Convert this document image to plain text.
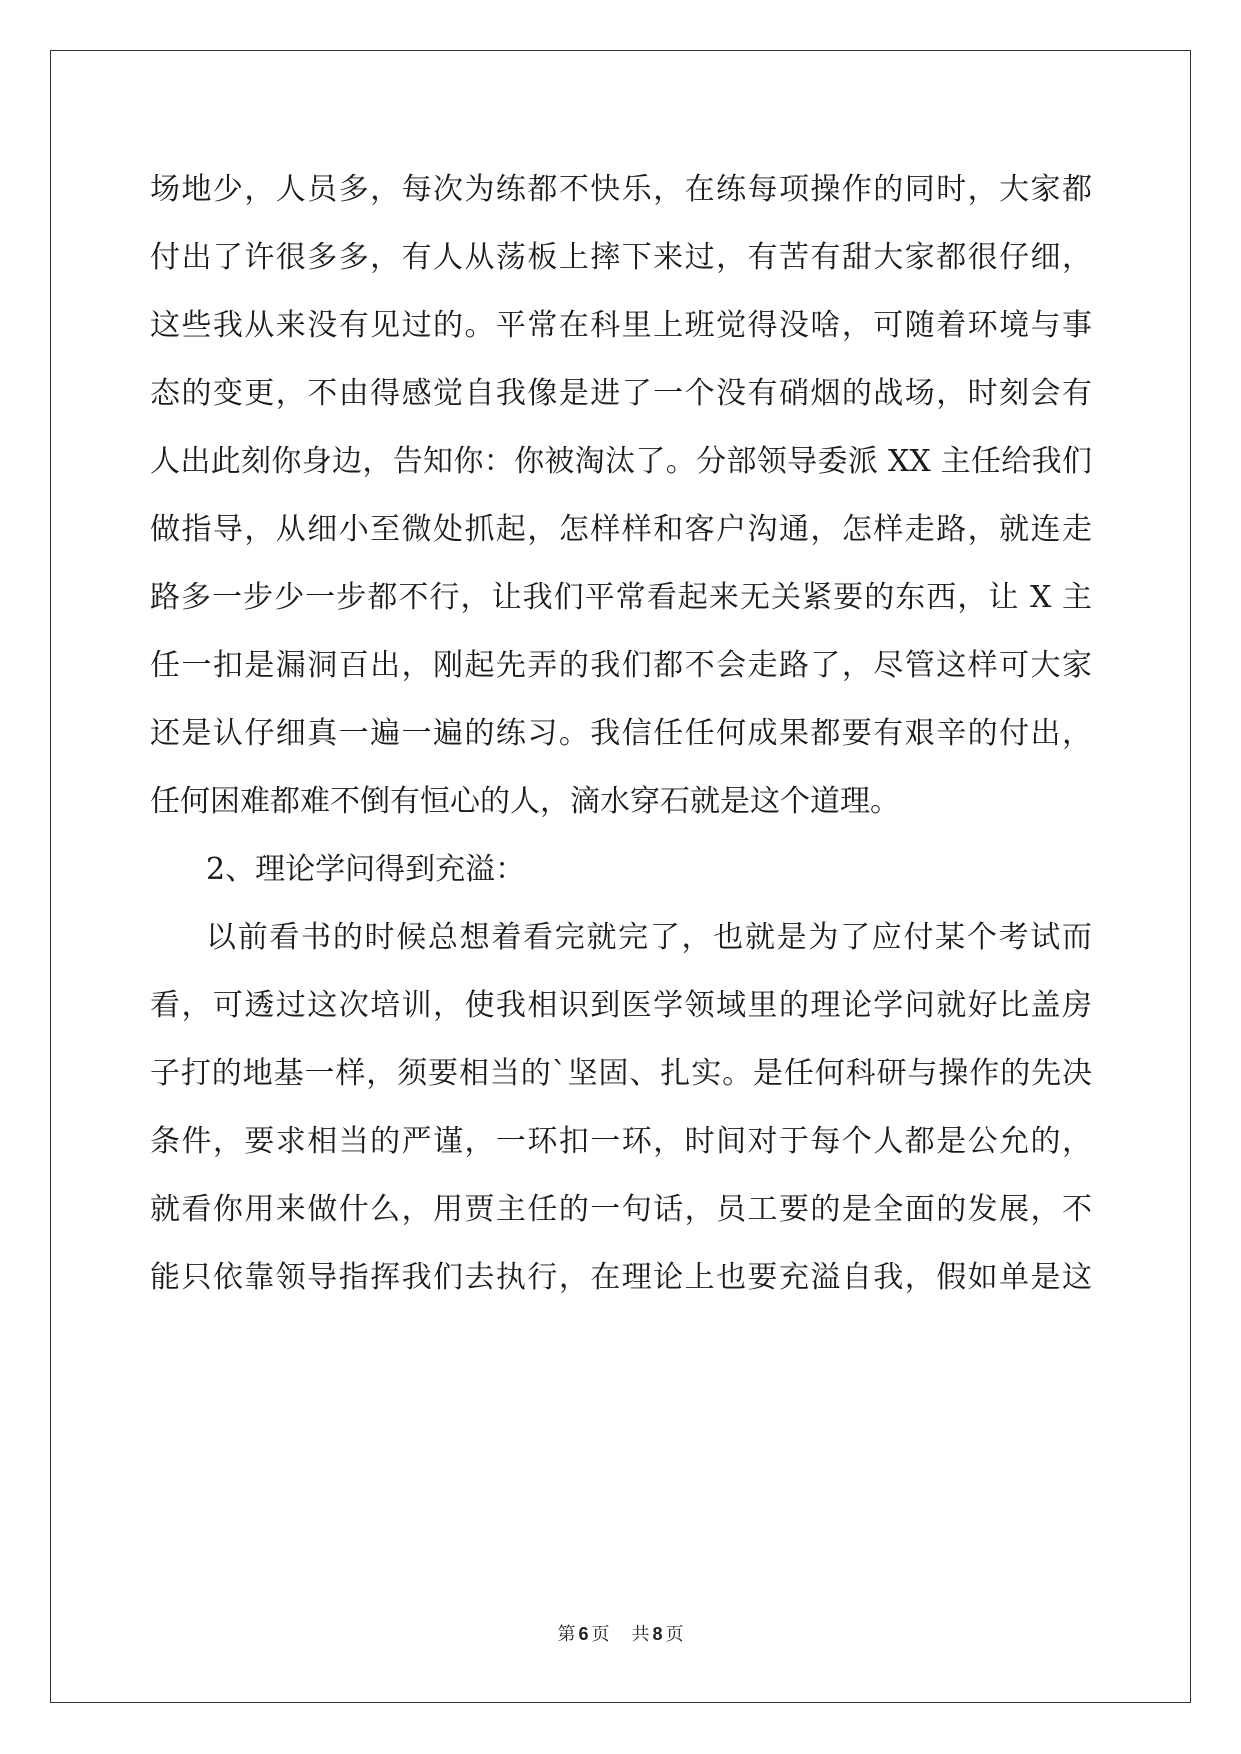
场地少，人员多，每次为练都不快乐，在练每项操作的同时，大家都
付出了许很多多，有人从荡板上摔下来过，有苦有甜大家都很仔细，
这些我从来没有见过的。平常在科里上班觉得没啥，可随着环境与事
态的变更，不由得感觉自我像是进了一个没有硝烟的战场，时刻会有
人出此刻你身边，告知你：你被淘汰了。分部领导委派 XX 主任给我们
做指导，从细小至微处抓起，怎样样和客户沟通，怎样走路，就连走
路多一步少一步都不行，让我们平常看起来无关紧要的东西，让 X 主
任一扣是漏洞百出，刚起先弄的我们都不会走路了，尽管这样可大家
还是认仔细真一遍一遍的练习。我信任任何成果都要有艰辛的付出，
任何困难都难不倒有恒心的人，滴水穿石就是这个道理。
2、理论学问得到充溢：
以前看书的时候总想着看完就完了，也就是为了应付某个考试而
看，可透过这次培训，使我相识到医学领域里的理论学问就好比盖房
子打的地基一样，须要相当的`坚固、扎实。是任何科研与操作的先决
条件，要求相当的严谨，一环扣一环，时间对于每个人都是公允的，
就看你用来做什么，用贾主任的一句话，员工要的是全面的发展，不
能只依靠领导指挥我们去执行，在理论上也要充溢自我，假如单是这
第 6 页 共 8 页
